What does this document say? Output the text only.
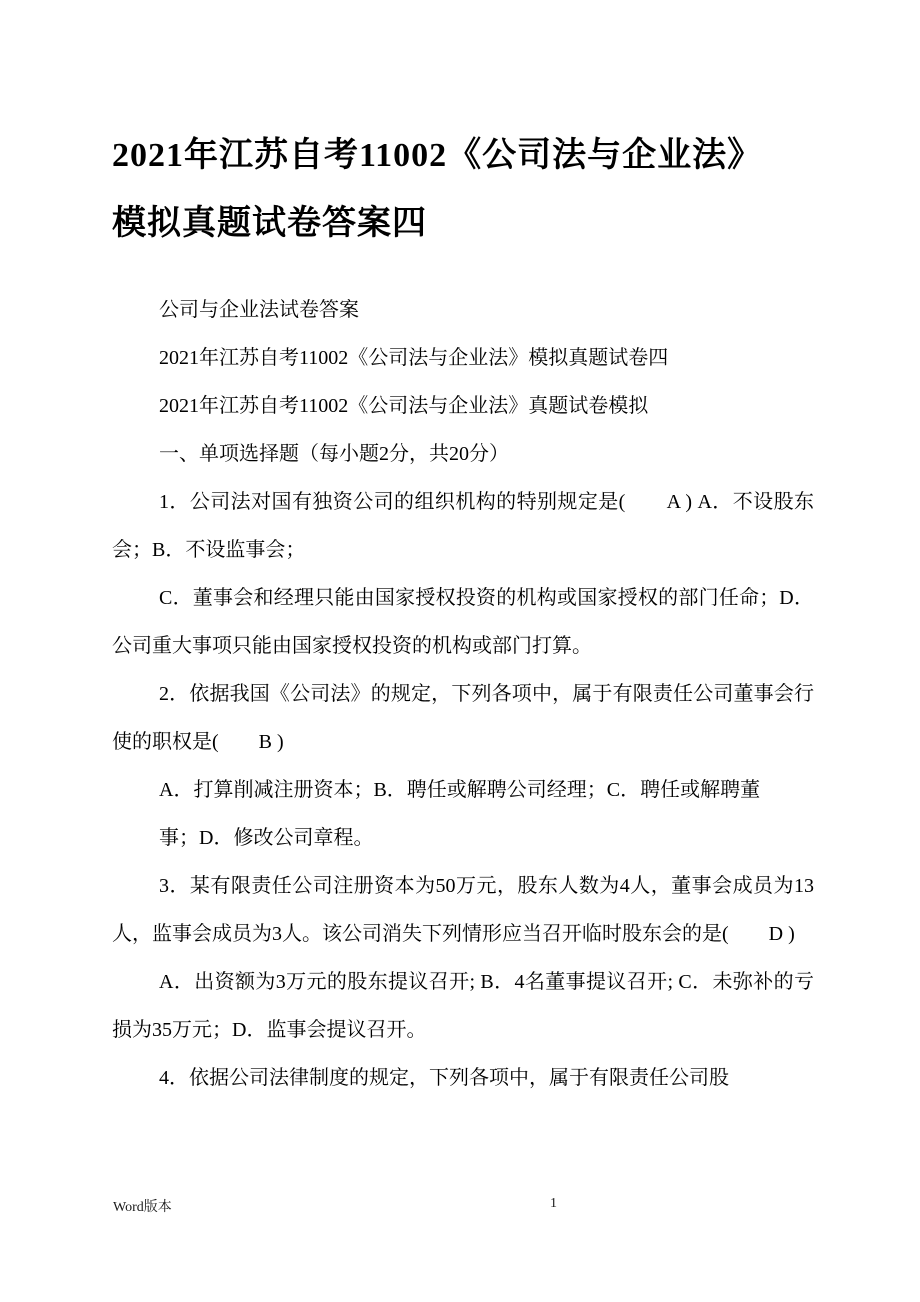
2021年江苏自考11002《公司法与企业法》
模拟真题试卷答案四

公司与企业法试卷答案

2021年江苏自考11002《公司法与企业法》模拟真题试卷四

2021年江苏自考11002《公司法与企业法》真题试卷模拟

一、单项选择题（每小题2分，共20分）

1．公司法对国有独资公司的组织机构的特别规定是(　　A ) A．不设股东会；B．不设监事会；

C．董事会和经理只能由国家授权投资的机构或国家授权的部门任命；D．公司重大事项只能由国家授权投资的机构或部门打算。

2．依据我国《公司法》的规定，下列各项中，属于有限责任公司董事会行使的职权是(　　B )

A．打算削减注册资本；B．聘任或解聘公司经理；C．聘任或解聘董

事；D．修改公司章程。

3．某有限责任公司注册资本为50万元，股东人数为4人，董事会成员为13人，监事会成员为3人。该公司消失下列情形应当召开临时股东会的是(　　D )

A．出资额为3万元的股东提议召开; B．4名董事提议召开; C．未弥补的亏损为35万元；D．监事会提议召开。

4．依据公司法律制度的规定，下列各项中，属于有限责任公司股

Word版本	1
